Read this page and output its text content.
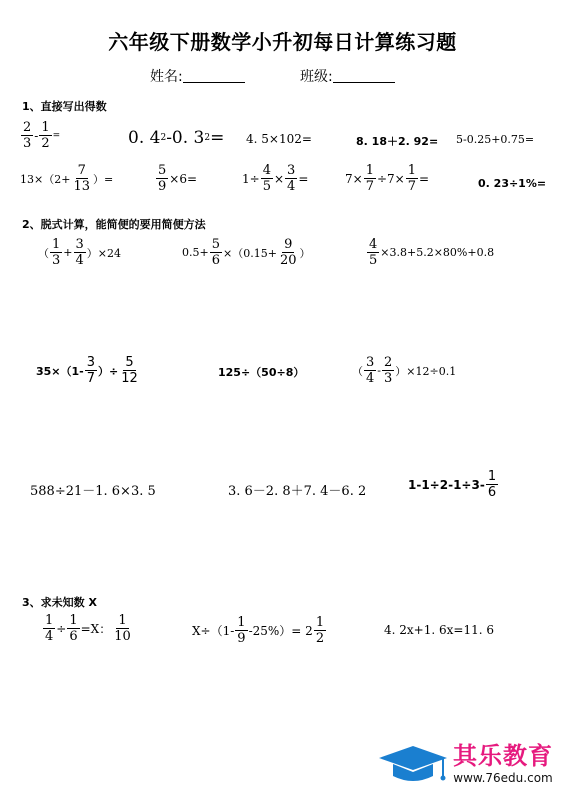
六年级下册数学小升初每日计算练习题
姓名:	班级:
1、直接写出得数
$\frac{2}{3} - \frac{1}{2}$ =	0. 4 2 -0. 3 2 = 4. 5×102=	8. 18＋2. 92= 5-0.25+0.75=
$13\times(2+ \frac{7}{13}$ ）=	$\frac{5}{9} \times 6=$	$1\div \frac{4}{5} \times \frac{3}{4}$ =	$7\times \frac{1}{7} \div 7\times \frac{1}{7}$ =	0. 23÷1%=
2、脱式计算，能简便的要用简便方法
（ $\frac{1}{3} + \frac{3}{4} )\times 24$	$0.5+ \frac{5}{6} \times(0.15+ \frac{9}{20}$ ）	$\frac{4}{5} \times 3.8+5.2\times 80\%+0.8$
$35\times(1- \frac{3}{7}$ ）÷ $\frac{5}{12}$	125÷（50÷8）	（ $\frac{3}{4} - \frac{2}{3} )\times 12\div 0.1$
588÷21－1. 6×3. 5	3. 6－2. 8＋7. 4－6. 2	$1-1\div 2-1\div 3- \frac{1}{6}$
3、求未知数 X
$\frac{1}{4} \div \frac{1}{6} =X$： $\frac{1}{10}$	$X\div(1- \frac{1}{9} -25\%)= 2 \frac{1}{2}$	4. 2x+1. 6x=11. 6
其乐教育
www.76edu.com
